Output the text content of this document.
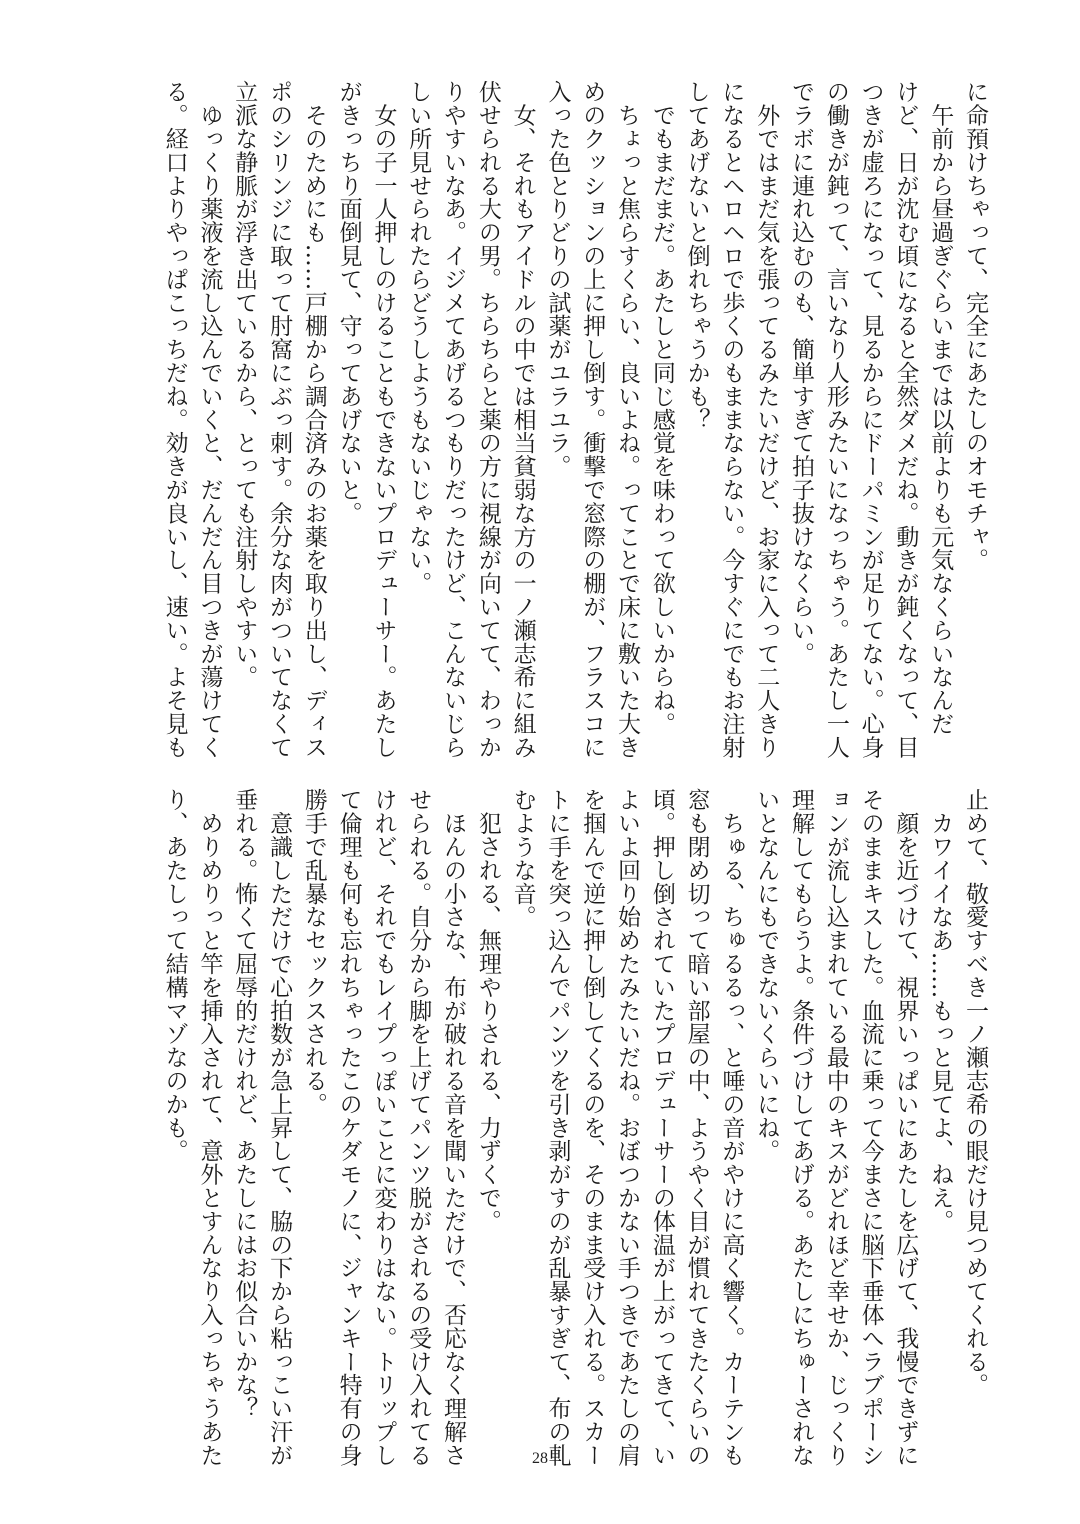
に命預けちゃって、完全にあたしのオモチャ。
　午前から昼過ぎぐらいまでは以前よりも元気なくらいなんだ
けど、日が沈む頃になると全然ダメだね。動きが鈍くなって、目
つきが虚ろになって、見るからにドーパミンが足りてない。心身
の働きが鈍って、言いなり人形みたいになっちゃう。あたし一人
でラボに連れ込むのも、簡単すぎて拍子抜けなくらい。
　外ではまだ気を張ってるみたいだけど、お家に入って二人きり
になるとヘロヘロで歩くのもままならない。今すぐにでもお注射
してあげないと倒れちゃうかも？
　でもまだまだ。あたしと同じ感覚を味わって欲しいからね。
　ちょっと焦らすくらい、良いよね。ってことで床に敷いた大き
めのクッションの上に押し倒す。衝撃で窓際の棚が、フラスコに
入った色とりどりの試薬がユラユラ。
　女、それもアイドルの中では相当貧弱な方の一ノ瀬志希に組み
伏せられる大の男。ちらちらと薬の方に視線が向いてて、わっか
りやすいなあ。イジメてあげるつもりだったけど、こんないじら
しい所見せられたらどうしようもないじゃない。
　女の子一人押しのけることもできないプロデューサー。あたし
がきっちり面倒見て、守ってあげないと。
　そのためにも……戸棚から調合済みのお薬を取り出し、ディス
ポのシリンジに取って肘窩にぶっ刺す。余分な肉がついてなくて
立派な静脈が浮き出ているから、とっても注射しやすい。
　ゆっくり薬液を流し込んでいくと、だんだん目つきが蕩けてく
る。経口よりやっぱこっちだね。効きが良いし、速い。よそ見も
止めて、敬愛すべき一ノ瀬志希の眼だけ見つめてくれる。
　カワイイなあ……もっと見てよ、ねえ。
　顔を近づけて、視界いっぱいにあたしを広げて、我慢できずに
そのままキスした。血流に乗って今まさに脳下垂体へラブポーシ
ョンが流し込まれている最中のキスがどれほど幸せか、じっくり
理解してもらうよ。条件づけしてあげる。あたしにちゅーされな
いとなんにもできないくらいにね。
　ちゅる、ちゅるるっ、と唾の音がやけに高く響く。カーテンも
窓も閉め切って暗い部屋の中、ようやく目が慣れてきたくらいの
頃。押し倒されていたプロデューサーの体温が上がってきて、い
よいよ回り始めたみたいだね。おぼつかない手つきであたしの肩
を掴んで逆に押し倒してくるのを、そのまま受け入れる。スカー
トに手を突っ込んでパンツを引き剥がすのが乱暴すぎて、布の軋
むような音。
　犯される、無理やりされる、力ずくで。
　ほんの小さな、布が破れる音を聞いただけで、否応なく理解さ
せられる。自分から脚を上げてパンツ脱がされるの受け入れてる
けれど、それでもレイプっぽいことに変わりはない。トリップし
て倫理も何も忘れちゃったこのケダモノに、ジャンキー特有の身
勝手で乱暴なセックスされる。
　意識しただけで心拍数が急上昇して、脇の下から粘っこい汗が
垂れる。怖くて屈辱的だけれど、あたしにはお似合いかな？
　めりめりっと竿を挿入されて、意外とすんなり入っちゃうあた
り、あたしって結構マゾなのかも。
28
